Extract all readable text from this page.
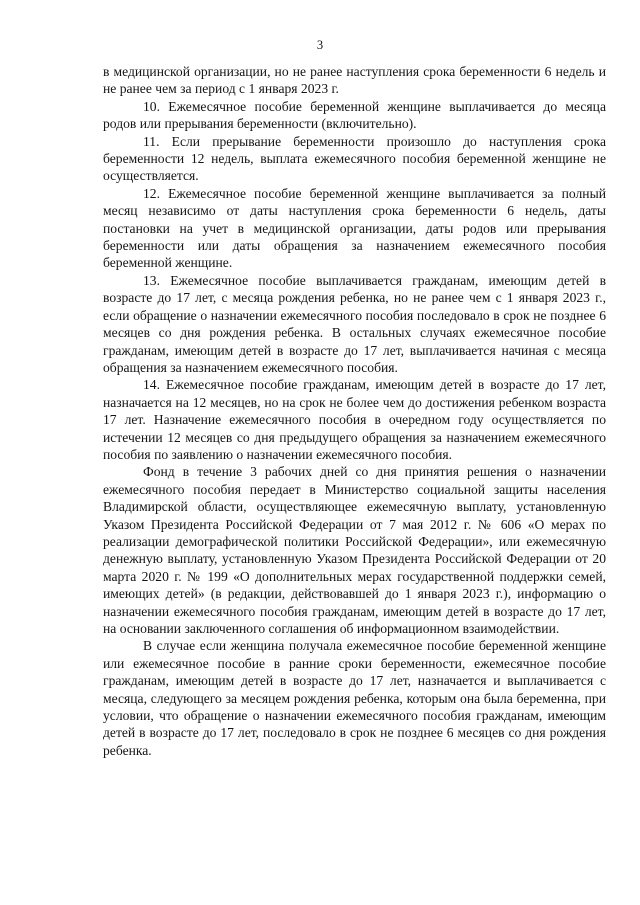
3

в медицинской организации, но не ранее наступления срока беременности 6 недель и не ранее чем за период с 1 января 2023 г.

10. Ежемесячное пособие беременной женщине выплачивается до месяца родов или прерывания беременности (включительно).

11. Если прерывание беременности произошло до наступления срока беременности 12 недель, выплата ежемесячного пособия беременной женщине не осуществляется.

12. Ежемесячное пособие беременной женщине выплачивается за полный месяц независимо от даты наступления срока беременности 6 недель, даты постановки на учет в медицинской организации, даты родов или прерывания беременности или даты обращения за назначением ежемесячного пособия беременной женщине.

13. Ежемесячное пособие выплачивается гражданам, имеющим детей в возрасте до 17 лет, с месяца рождения ребенка, но не ранее чем с 1 января 2023 г., если обращение о назначении ежемесячного пособия последовало в срок не позднее 6 месяцев со дня рождения ребенка. В остальных случаях ежемесячное пособие гражданам, имеющим детей в возрасте до 17 лет, выплачивается начиная с месяца обращения за назначением ежемесячного пособия.

14. Ежемесячное пособие гражданам, имеющим детей в возрасте до 17 лет, назначается на 12 месяцев, но на срок не более чем до достижения ребенком возраста 17 лет. Назначение ежемесячного пособия в очередном году осуществляется по истечении 12 месяцев со дня предыдущего обращения за назначением ежемесячного пособия по заявлению о назначении ежемесячного пособия.

Фонд в течение 3 рабочих дней со дня принятия решения о назначении ежемесячного пособия передает в Министерство социальной защиты населения Владимирской области, осуществляющее ежемесячную выплату, установленную Указом Президента Российской Федерации от 7 мая 2012 г. № 606 «О мерах по реализации демографической политики Российской Федерации», или ежемесячную денежную выплату, установленную Указом Президента Российской Федерации от 20 марта 2020 г. № 199 «О дополнительных мерах государственной поддержки семей, имеющих детей» (в редакции, действовавшей до 1 января 2023 г.), информацию о назначении ежемесячного пособия гражданам, имеющим детей в возрасте до 17 лет, на основании заключенного соглашения об информационном взаимодействии.

В случае если женщина получала ежемесячное пособие беременной женщине или ежемесячное пособие в ранние сроки беременности, ежемесячное пособие гражданам, имеющим детей в возрасте до 17 лет, назначается и выплачивается с месяца, следующего за месяцем рождения ребенка, которым она была беременна, при условии, что обращение о назначении ежемесячного пособия гражданам, имеющим детей в возрасте до 17 лет, последовало в срок не позднее 6 месяцев со дня рождения ребенка.
